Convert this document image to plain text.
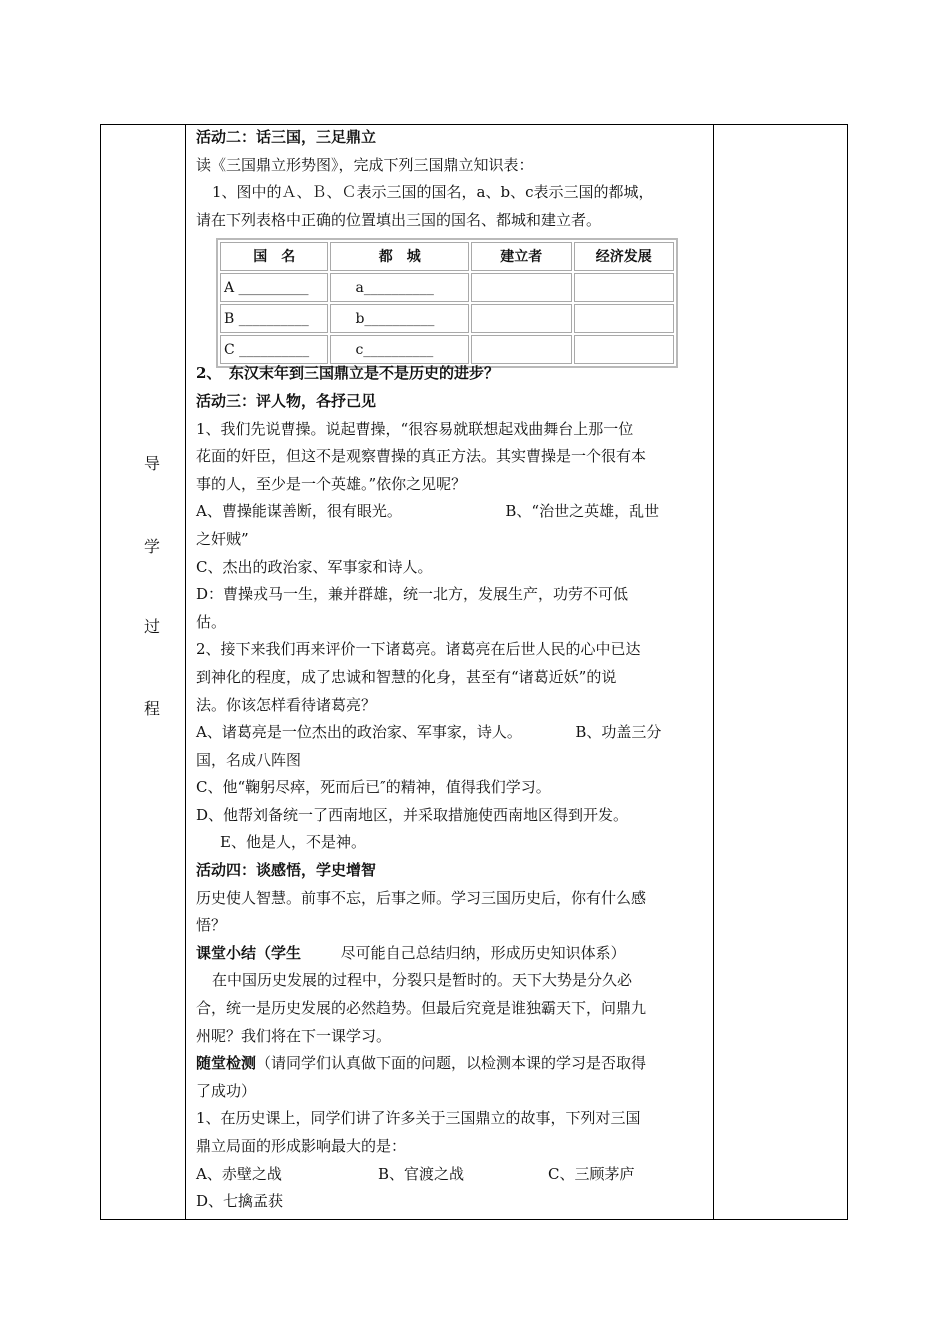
导
学
过
程
活动二：话三国，三足鼎立
读《三国鼎立形势图》，完成下列三国鼎立知识表：
1、图中的Ａ、Ｂ、Ｃ表示三国的国名，a、b、c表示三国的都城，
请在下列表格中正确的位置填出三国的国名、都城和建立者。
国　名	都　城	建立者	经济发展
A __________	a__________		
B __________	b__________		
C __________	c__________		
2、　东汉末年到三国鼎立是不是历史的进步？
活动三：评人物，各抒己见
1、我们先说曹操。说起曹操，“很容易就联想起戏曲舞台上那一位
花面的奸臣，但这不是观察曹操的真正方法。其实曹操是一个很有本
事的人，至少是一个英雄。”依你之见呢？
A、曹操能谋善断，很有眼光。	B、“治世之英雄，乱世
之奸贼”
C、杰出的政治家、军事家和诗人。
D：曹操戎马一生，兼并群雄，统一北方，发展生产，功劳不可低
估。
2、接下来我们再来评价一下诸葛亮。诸葛亮在后世人民的心中已达
到神化的程度，成了忠诚和智慧的化身，甚至有“诸葛近妖”的说
法。你该怎样看待诸葛亮？
A、诸葛亮是一位杰出的政治家、军事家，诗人。	B、功盖三分
国，名成八阵图
C、他“鞠躬尽瘁，死而后已″的精神，值得我们学习。
D、他帮刘备统一了西南地区，并采取措施使西南地区得到开发。
E、他是人，不是神。
活动四：谈感悟，学史增智
历史使人智慧。前事不忘，后事之师。学习三国历史后，你有什么感
悟？
课堂小结（学生	尽可能自己总结归纳，形成历史知识体系）
在中国历史发展的过程中，分裂只是暂时的。天下大势是分久必
合，统一是历史发展的必然趋势。但最后究竟是谁独霸天下，问鼎九
州呢？我们将在下一课学习。
随堂检测（请同学们认真做下面的问题，以检测本课的学习是否取得
了成功）
1、在历史课上，同学们讲了许多关于三国鼎立的故事，下列对三国
鼎立局面的形成影响最大的是：
A、赤壁之战	B、官渡之战	C、三顾茅庐
D、七擒孟获
